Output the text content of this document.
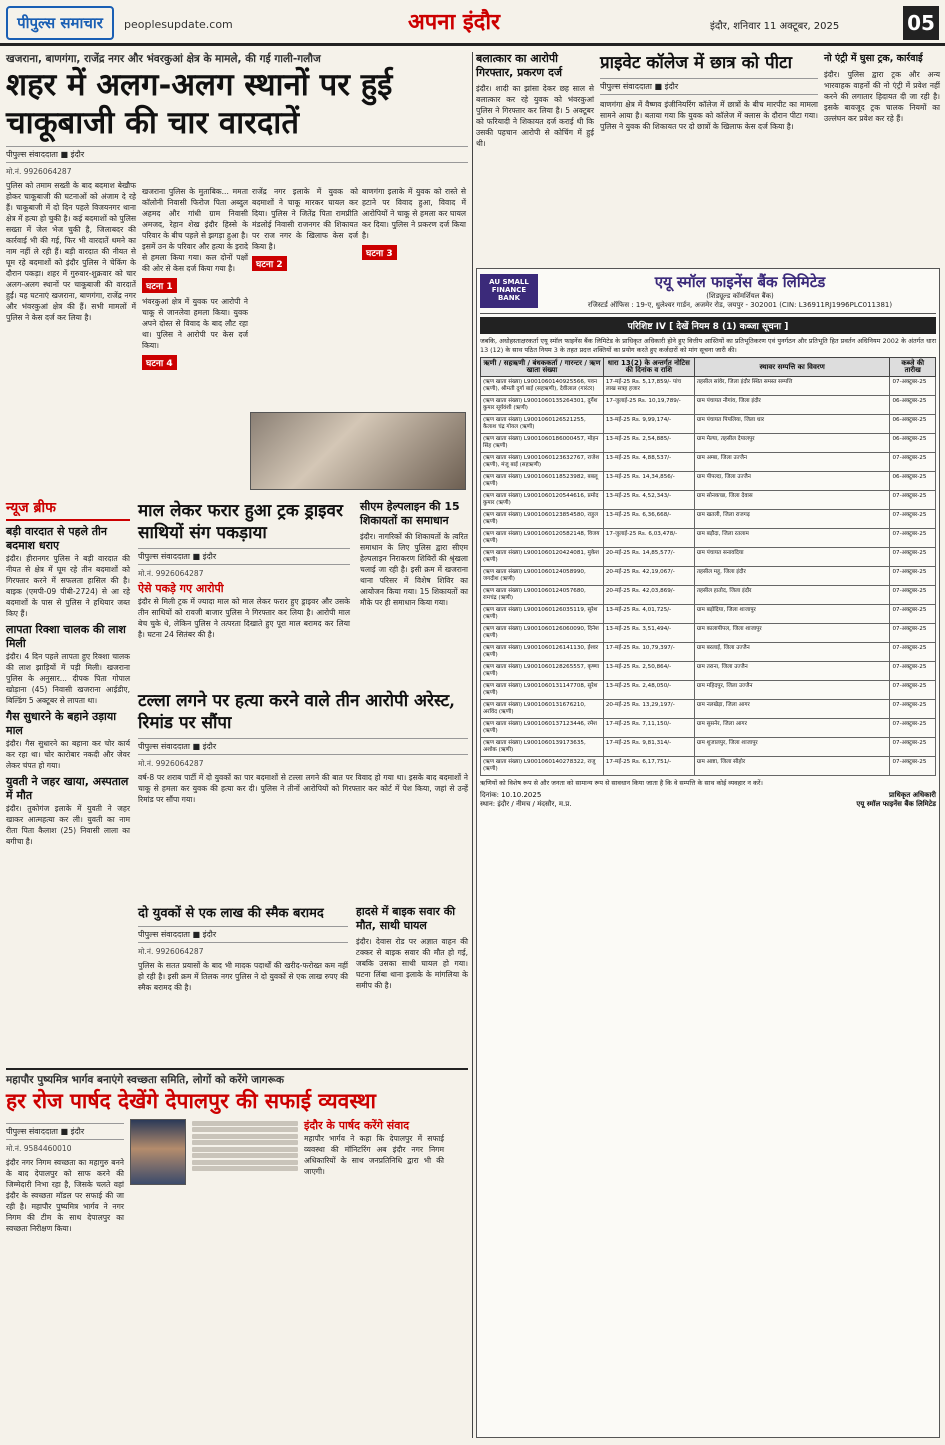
पीपुल्स समाचार	peoplesupdate.com	अपना इंदौर	इंदौर, शनिवार 11 अक्टूबर, 2025	05
खजराना, बाणगंगा, राजेंद्र नगर और भंवरकुआं क्षेत्र के मामले, की गई गाली-गलौज
शहर में अलग-अलग स्थानों पर हुई चाकूबाजी की चार वारदातें
पीपुल्स संवाददाता ■ इंदौर
मो.नं. 9926064287
पुलिस को तमाम सख्ती के बाद बदमाश बेखौफ होकर चाकूबाजी की घटनाओं को अंजाम दे रहे हैं। चाकूबाजी में दो दिन पहले विजयनगर थाना क्षेत्र में हत्या हो चुकी है। कई बदमाशों को पुलिस सख्ता में जेल भेज चुकी है, जिलाबदर की कार्रवाई भी की गई, फिर भी वारदातें थमने का नाम नहीं ले रही हैं। बड़ी वारदात की नीयत से घूम रहे बदमाशों को इंदौर पुलिस ने चेकिंग के दौरान पकड़ा। शहर में गुरुवार-शुक्रवार को चार अलग-अलग स्थानों पर चाकूबाजी की वारदातें हुईं। यह घटनाएं खजराना, बाणगंगा, राजेंद्र नगर और भंवरकुआं क्षेत्र की हैं। सभी मामलों में पुलिस ने केस दर्ज कर लिया है।
खजराना पुलिस के मुताबिक... ममता कॉलोनी निवासी फिरोज पिता अब्दुल अहमद और गांधी ग्राम निवासी अमजद, रेहान शेख इंदौर हिस्से के परिवार के बीच पहले से झगड़ा हुआ है। इसमें उन के परिवार और हत्या के इरादे से हमला किया गया। कल दोनों पक्षों की ओर से केस दर्ज किया गया है।
घटना 1
भंवरकुआं क्षेत्र में युवक पर आरोपी ने चाकू से जानलेवा हमला किया। युवक अपने दोस्त से विवाद के बाद लौट रहा था। पुलिस ने आरोपी पर केस दर्ज किया।
घटना 4
राजेंद्र नगर इलाके में युवक को बदमाशों ने चाकू मारकर घायल कर दिया। पुलिस ने जितेंद्र पिता रामप्रीति मंडलोई निवासी राजनगर की शिकायत पर राज नगर के खिलाफ केस दर्ज किया है।
घटना 2
बाणगंगा इलाके में युवक को रास्ते से हटाने पर विवाद हुआ, विवाद में आरोपियों ने चाकू से हमला कर घायल कर दिया। पुलिस ने प्रकरण दर्ज किया है।
घटना 3
न्यूज ब्रीफ
बड़ी वारदात से पहले तीन बदमाश धराए
इंदौर। हीरानगर पुलिस ने बड़ी वारदात की नीयत से क्षेत्र में घूम रहे तीन बदमाशों को गिरफ्तार करने में सफलता हासिल की है। बाइक (एमपी-09 पीबी-2724) से आ रहे बदमाशों के पास से पुलिस ने हथियार जब्त किए हैं।
लापता रिक्शा चालक की लाश मिली
इंदौर। 4 दिन पहले लापता हुए रिक्शा चालक की लाश झाड़ियों में पड़ी मिली। खजराना पुलिस के अनुसार... दीपक पिता गोपाल खोड़ाना (45) निवासी खजराना आईडीए, बिल्डिंग 5 अक्टूबर से लापता था।
गैस सुधारने के बहाने उड़ाया माल
इंदौर। गैस सुधारने का बहाना कर चोर कार्य कर रहा था। चोर कारोबार नकदी और जेवर लेकर चंपत हो गया।
युवती ने जहर खाया, अस्पताल में मौत
इंदौर। तुकोगंज इलाके में युवती ने जहर खाकर आत्महत्या कर ली। युवती का नाम रीता पिता कैलाश (25) निवासी लाला का बगीचा है।
माल लेकर फरार हुआ ट्रक ड्राइवर साथियों संग पकड़ाया
पीपुल्स संवाददाता ■ इंदौर
मो.नं. 9926064287
ऐसे पकड़े गए आरोपी
इंदौर से मिली ट्रक में ज्यादा माल को माल लेकर फरार हुए ड्राइवर और उसके तीन साथियों को रावजी बाजार पुलिस ने गिरफ्तार कर लिया है। आरोपी माल बेच चुके थे, लेकिन पुलिस ने तत्परता दिखाते हुए पूरा माल बरामद कर लिया है। घटना 24 सितंबर की है।
सीएम हेल्पलाइन की 15 शिकायतों का समाधान
इंदौर। नागरिकों की शिकायतों के त्वरित समाधान के लिए पुलिस द्वारा सीएम हेल्पलाइन निराकरण शिविरों की श्रृंखला चलाई जा रही है। इसी क्रम में खजराना थाना परिसर में विशेष शिविर का आयोजन किया गया। 15 शिकायतों का मौके पर ही समाधान किया गया।
टल्ला लगने पर हत्या करने वाले तीन आरोपी अरेस्ट, रिमांड पर सौंपा
पीपुल्स संवाददाता ■ इंदौर
मो.नं. 9926064287
वर्ष-8 पर शराब पार्टी में दो युवकों का पार बदमाशों से टल्ला लगने की बात पर विवाद हो गया था। इसके बाद बदमाशों ने चाकू से हमला कर युवक की हत्या कर दी। पुलिस ने तीनों आरोपियों को गिरफ्तार कर कोर्ट में पेश किया, जहां से उन्हें रिमांड पर सौंपा गया।
दो युवकों से एक लाख की स्मैक बरामद
पीपुल्स संवाददाता ■ इंदौर
मो.नं. 9926064287
पुलिस के सतत प्रयासों के बाद भी मादक पदार्थों की खरीद-फरोख्त कम नहीं हो रही है। इसी क्रम में तिलक नगर पुलिस ने दो युवकों से एक लाख रुपए की स्मैक बरामद की है।
हादसे में बाइक सवार की मौत, साथी घायल
इंदौर। देवास रोड पर अज्ञात वाहन की टक्कर से बाइक सवार की मौत हो गई, जबकि उसका साथी घायल हो गया। घटना लिंबा थाना इलाके के मांगलिया के समीप की है।
बलात्कार का आरोपी गिरफ्तार, प्रकरण दर्ज
इंदौर। शादी का झांसा देकर छह साल से बलात्कार कर रहे युवक को भंवरकुआं पुलिस ने गिरफ्तार कर लिया है। 5 अक्टूबर को फरियादी ने शिकायत दर्ज कराई थी कि उसकी पहचान आरोपी से कोचिंग में हुई थी।
प्राइवेट कॉलेज में छात्र को पीटा
पीपुल्स संवाददाता ■ इंदौर
बाणगंगा क्षेत्र में वैष्णव इंजीनियरिंग कॉलेज में छात्रों के बीच मारपीट का मामला सामने आया है। बताया गया कि युवक को कॉलेज में क्लास के दौरान पीटा गया। पुलिस ने युवक की शिकायत पर दो छात्रों के खिलाफ केस दर्ज किया है।
नो एंट्री में घुसा ट्रक, कार्रवाई
इंदौर। पुलिस द्वारा ट्रक और अन्य भारवाहक वाहनों की नो एंट्री में प्रवेश नहीं करने की लगातार हिदायत दी जा रही है। इसके बावजूद ट्रक चालक नियमों का उल्लंघन कर प्रवेश कर रहे हैं।
AU SMALL FINANCE BANK
एयू स्मॉल फाइनेंस बैंक लिमिटेड
(शिड्यूल्ड कॉमर्शियल बैंक)
रजिस्टर्ड ऑफिस : 19-ए, धुलेश्वर गार्डन, अजमेर रोड, जयपुर - 302001 (CIN: L36911RJ1996PLC011381)
परिशिष्ट IV [ देखें नियम 8 (1) कब्जा सूचना ]
जबकि, अधोहस्ताक्षरकर्ता एयू स्मॉल फाइनेंस बैंक लिमिटेड के प्राधिकृत अधिकारी होने हुए वित्तीय आस्तियों का प्रतिभूतिकरण एवं पुनर्गठन और प्रतिभूति हित प्रवर्तन अधिनियम 2002 के अंतर्गत धारा 13 (12) के साथ पठित नियम 3 के तहत प्रदत्त शक्तियों का प्रयोग करते हुए कर्जदारों को मांग सूचना जारी की।
ऋणी / सहऋणी / बंधककर्ता / गारन्टर / ऋण खाता संख्या	धारा 13(2) के अन्तर्गत नोटिस की दिनांक व राशि	स्थावर सम्पत्ति का विवरण	कब्जे की तारीख
(ऋण खाता संख्या) L9001060140925566, पवन (ऋणी), श्रीमती दुर्गा बाई (सहऋणी), देवीलाल (गारंटर)	17-मई-25 Rs. 5,17,859/- पांच लाख सत्रह हजार	तहसील सांवेर, जिला इंदौर स्थित समस्त सम्पत्ति	07-अक्टूबर-25
(ऋण खाता संख्या) L9001060135264301, दुर्गेश कुमार सूर्यवंशी (ऋणी)	17-जुलाई-25 Rs. 10,19,789/-	ग्राम पंचायत नौगांव, जिला इंदौर	06-अक्टूबर-25
(ऋण खाता संख्या) L9001060126521255, कैलाश चंद्र गोयल (ऋणी)	13-मई-25 Rs. 9,99,174/-	ग्राम पंचायत पिपलिया, जिला धार	06-अक्टूबर-25
(ऋण खाता संख्या) L9001060186000457, मोहन सिंह (ऋणी)	13-मई-25 Rs. 2,54,885/-	ग्राम मेल्या, तहसील देपालपुर	06-अक्टूबर-25
(ऋण खाता संख्या) L9001060123632767, राजेश (ऋणी), मंजू बाई (सहऋणी)	13-मई-25 Rs. 4,88,537/-	ग्राम अम्बा, जिला उज्जैन	07-अक्टूबर-25
(ऋण खाता संख्या) L9001060118523982, बबलू (ऋणी)	13-मई-25 Rs. 14,34,856/-	ग्राम पीपल्दा, जिला उज्जैन	06-अक्टूबर-25
(ऋण खाता संख्या) L9001060120544616, प्रमोद कुमार (ऋणी)	13-मई-25 Rs. 4,52,343/-	ग्राम सोनकच्छ, जिला देवास	07-अक्टूबर-25
(ऋण खाता संख्या) L9001060123854580, राहुल (ऋणी)	13-मई-25 Rs. 6,36,668/-	ग्राम खतली, जिला राजगढ़	07-अक्टूबर-25
(ऋण खाता संख्या) L9001060120582148, विजय (ऋणी)	17-जुलाई-25 Rs. 6,03,478/-	ग्राम बड़ौदा, जिला रतलाम	07-अक्टूबर-25
(ऋण खाता संख्या) L9001060120424081, मुकेश (ऋणी)	20-मई-25 Rs. 14,85,577/-	ग्राम पंचायत सनावदिया	07-अक्टूबर-25
(ऋण खाता संख्या) L9001060124058990, जगदीश (ऋणी)	20-मई-25 Rs. 42,19,067/-	तहसील महू, जिला इंदौर	07-अक्टूबर-25
(ऋण खाता संख्या) L9001060124057680, रामचंद्र (ऋणी)	20-मई-25 Rs. 42,03,869/-	तहसील हातोद, जिला इंदौर	07-अक्टूबर-25
(ऋण खाता संख्या) L9001060126035119, सुरेश (ऋणी)	13-मई-25 Rs. 4,01,725/-	ग्राम बड़ोदिया, जिला शाजापुर	07-अक्टूबर-25
(ऋण खाता संख्या) L9001060126060090, दिनेश (ऋणी)	13-मई-25 Rs. 3,51,494/-	ग्राम कालापीपल, जिला शाजापुर	07-अक्टूबर-25
(ऋण खाता संख्या) L9001060126141130, ईश्वर (ऋणी)	17-मई-25 Rs. 10,79,397/-	ग्राम बरलाई, जिला उज्जैन	07-अक्टूबर-25
(ऋण खाता संख्या) L9001060128265557, कृष्णा (ऋणी)	13-मई-25 Rs. 2,50,864/-	ग्राम तराना, जिला उज्जैन	07-अक्टूबर-25
(ऋण खाता संख्या) L9001060131147708, सुरेश (ऋणी)	13-मई-25 Rs. 2,48,050/-	ग्राम महिदपुर, जिला उज्जैन	07-अक्टूबर-25
(ऋण खाता संख्या) L9001060131676210, अरविंद (ऋणी)	20-मई-25 Rs. 13,29,197/-	ग्राम नलखेड़ा, जिला आगर	07-अक्टूबर-25
(ऋण खाता संख्या) L9001060137123446, रमेश (ऋणी)	17-मई-25 Rs. 7,11,150/-	ग्राम सुसनेर, जिला आगर	07-अक्टूबर-25
(ऋण खाता संख्या) L9001060139173635, अशोक (ऋणी)	17-मई-25 Rs. 9,81,314/-	ग्राम शुजालपुर, जिला शाजापुर	07-अक्टूबर-25
(ऋण खाता संख्या) L9001060140278322, राजू (ऋणी)	17-मई-25 Rs. 6,17,751/-	ग्राम आष्टा, जिला सीहोर	07-अक्टूबर-25
ऋणियों को विशेष रूप से और जनता को सामान्य रूप से सावधान किया जाता है कि वे सम्पत्ति के साथ कोई व्यवहार न करें।
दिनांक: 10.10.2025
स्थान: इंदौर / नीमच / मंदसौर, म.प्र.
प्राधिकृत अधिकारी
एयू स्मॉल फाइनेंस बैंक लिमिटेड
महापौर पुष्यमित्र भार्गव बनाएंगे स्वच्छता समिति, लोगों को करेंगे जागरूक
हर रोज पार्षद देखेंगे देपालपुर की सफाई व्यवस्था
पीपुल्स संवाददाता ■ इंदौर
मो.नं. 9584460010
इंदौर नगर निगम स्वच्छता का महागुरु बनने के बाद देपालपुर को साफ करने की जिम्मेदारी निभा रहा है, जिसके चलते वहां इंदौर के स्वच्छता मॉडल पर सफाई की जा रही है। महापौर पुष्यमित्र भार्गव ने नगर निगम की टीम के साथ देपालपुर का स्वच्छता निरीक्षण किया।
इंदौर के पार्षद करेंगे संवाद
महापौर भार्गव ने कहा कि देपालपुर में सफाई व्यवस्था की मॉनिटरिंग अब इंदौर नगर निगम अधिकारियों के साथ जनप्रतिनिधि द्वारा भी की जाएगी।
